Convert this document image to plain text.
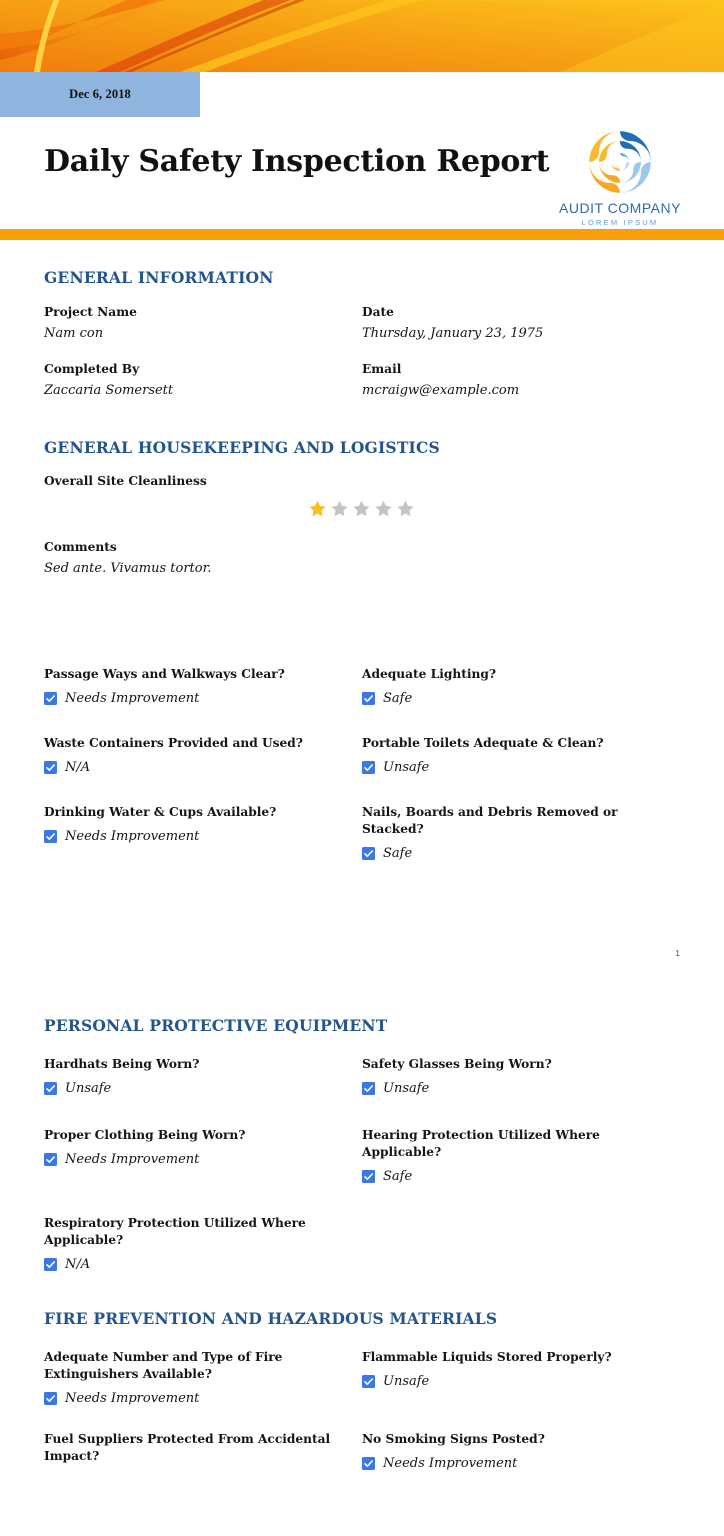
Dec 6, 2018
Daily Safety Inspection Report
AUDIT COMPANY
LOREM IPSUM
GENERAL INFORMATION
Project Name
Nam con
Date
Thursday, January 23, 1975
Completed By
Zaccaria Somersett
Email
mcraigw@example.com
GENERAL HOUSEKEEPING AND LOGISTICS
Overall Site Cleanliness
Comments
Sed ante. Vivamus tortor.
Passage Ways and Walkways Clear?
Needs Improvement
Adequate Lighting?
Safe
Waste Containers Provided and Used?
N/A
Portable Toilets Adequate & Clean?
Unsafe
Drinking Water & Cups Available?
Needs Improvement
Nails, Boards and Debris Removed or Stacked?
Safe
1
PERSONAL PROTECTIVE EQUIPMENT
Hardhats Being Worn?
Unsafe
Safety Glasses Being Worn?
Unsafe
Proper Clothing Being Worn?
Needs Improvement
Hearing Protection Utilized Where Applicable?
Safe
Respiratory Protection Utilized Where Applicable?
N/A
FIRE PREVENTION AND HAZARDOUS MATERIALS
Adequate Number and Type of Fire Extinguishers Available?
Needs Improvement
Flammable Liquids Stored Properly?
Unsafe
Fuel Suppliers Protected From Accidental Impact?
No Smoking Signs Posted?
Needs Improvement
